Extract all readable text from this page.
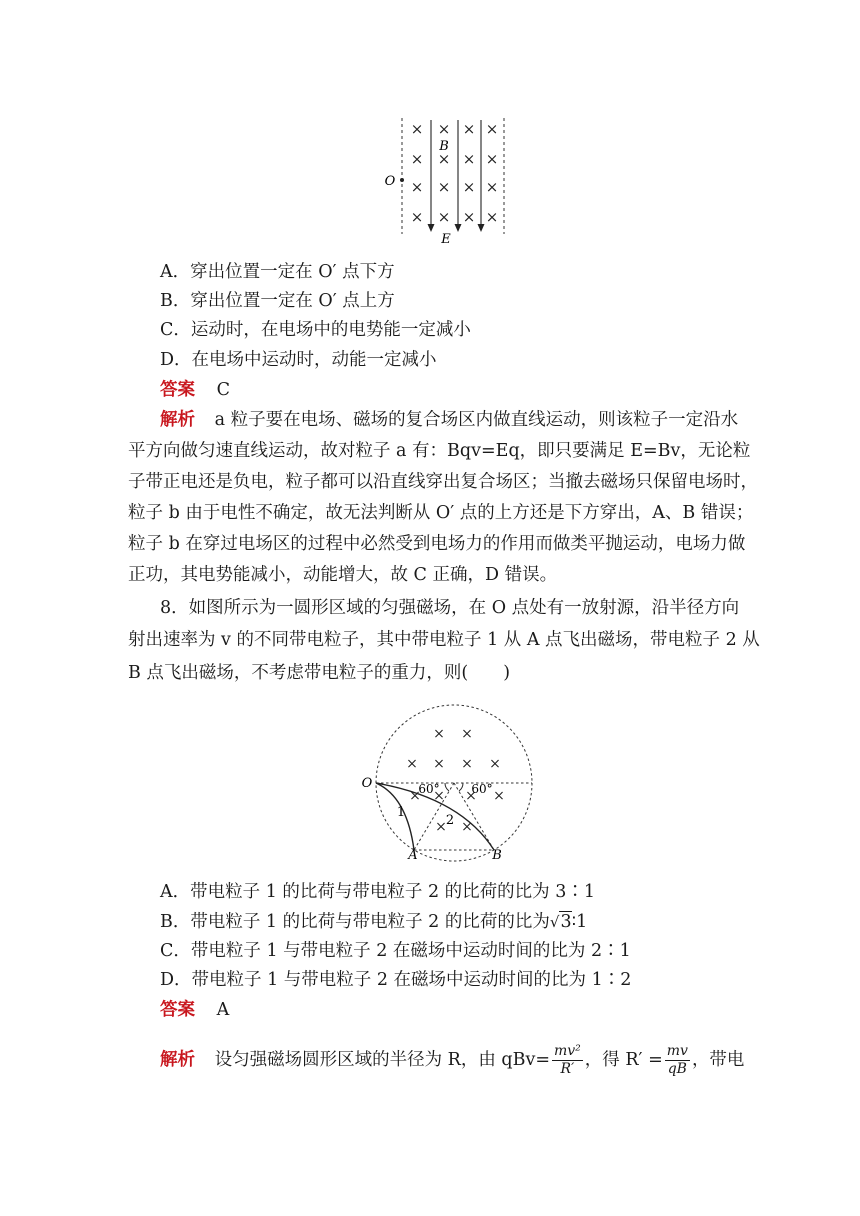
× × × ×
×	× ×
× × × ×
× × × ×
×
B
E
O
A．穿出位置一定在 O′ 点下方
B．穿出位置一定在 O′ 点上方
C．运动时，在电场中的电势能一定减小
D．在电场中运动时，动能一定减小
答案 C
解析 a 粒子要在电场、磁场的复合场区内做直线运动，则该粒子一定沿水
平方向做匀速直线运动，故对粒子 a 有：Bqv=Eq，即只要满足 E=Bv，无论粒
子带正电还是负电，粒子都可以沿直线穿出复合场区；当撤去磁场只保留电场时，
粒子 b 由于电性不确定，故无法判断从 O′ 点的上方还是下方穿出，A、B 错误；
粒子 b 在穿过电场区的过程中必然受到电场力的作用而做类平抛运动，电场力做
正功，其电势能减小，动能增大，故 C 正确，D 错误。
8．如图所示为一圆形区域的匀强磁场，在 O 点处有一放射源，沿半径方向
射出速率为 v 的不同带电粒子，其中带电粒子 1 从 A 点飞出磁场，带电粒子 2 从
B 点飞出磁场，不考虑带电粒子的重力，则(　　)
× ×
× × × ×
× × ×
×
× ×
O
A	B
1
2
60°	60°
A．带电粒子 1 的比荷与带电粒子 2 的比荷的比为 3∶1
B．带电粒子 1 的比荷与带电粒子 2 的比荷的比为√3∶1
C．带电粒子 1 与带电粒子 2 在磁场中运动时间的比为 2∶1
D．带电粒子 1 与带电粒子 2 在磁场中运动时间的比为 1∶2
答案 A
解析 设匀强磁场圆形区域的半径为 R，由 $qBv= \frac{\text{mv²}}{R'}$ ，得 $R' = \frac{mv}{qB}$ ，带电
